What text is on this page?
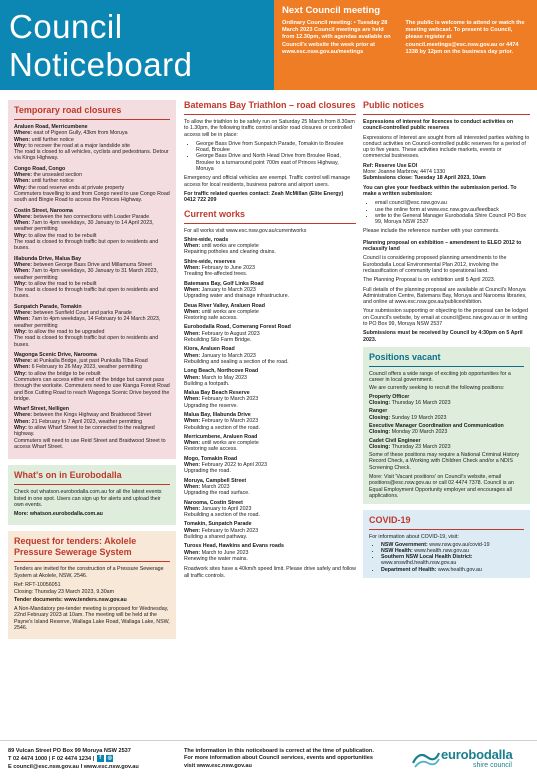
Council
Noticeboard
Next Council meeting
Ordinary Council meeting: • Tuesday 28 March 2023 Council meetings are held from 12.30pm, with agendas available on Council's website the week prior at www.esc.nsw.gov.au/meetings
The public is welcome to attend or watch the meeting webcast. To present to Council, please register at council.meetings@esc.nsw.gov.au or 4474 1338 by 12pm on the business day prior.
Temporary road closures
Araluen Road, Merricumbene
Where: east of Pigeon Gully, 43km from Moruya
When: until further notice
Why: to recover the road at a major landslide site
The road is closed to all vehicles, cyclists and pedestrians. Detour via Kings Highway.
Congo Road, Congo
Where: the unsealed section
When: until further notice
Why: the road reserve ends at private property
Commuters travelling to and from Congo need to use Congo Road south and Bingie Road to access the Princes Highway.
Costin Street, Narooma
Where: between the two connections with Loader Parade
When: 7am to 4pm weekdays, 30 January to 14 April 2023, weather permitting
Why: to allow the road to be rebuilt
The road is closed to through traffic but open to residents and buses.
Illabunda Drive, Malua Bay
Where: between George Bass Drive and Millamurra Street
When: 7am to 4pm weekdays, 30 January to 31 March 2023, weather permitting
Why: to allow the road to be rebuilt
The road is closed to through traffic but open to residents and buses.
Sunpatch Parade, Tomakin
Where: between Sunfield Court and parks Parade
When: 7am to 4pm weekdays, 14 February to 24 March 2023, weather permitting
Why: to allow the road to be upgraded
The road is closed to through traffic but open to residents and buses.
Wagonga Scenic Drive, Narooma
Where: at Punkalla Bridge, just past Punkalla Tilba Road
When: 6 February to 26 May 2023, weather permitting
Why: to allow the bridge to be rebuilt
Commuters can access either end of the bridge but cannot pass through the worksite. Commuters need to use Kianga Forest Road and Box Cutting Road to reach Wagonga Scenic Drive beyond the bridge.
Wharf Street, Nelligen
Where: between the Kings Highway and Braidwood Street
When: 21 February to 7 April 2023, weather permitting
Why: to allow Wharf Street to be connected to the realigned highway.
Commuters will need to use Reid Street and Braidwood Street to access Wharf Street.
What's on in Eurobodalla

Check out whatson.eurobodalla.com.au for all the latest events listed in one spot. Users can sign up for alerts and upload their own events.

More: whatson.eurobodalla.com.au

Request for tenders: Akolele Pressure Sewerage System

Tenders are invited for the construction of a Pressure Sewerage System at Akolele, NSW, 2546.

Ref: RFT-10056051

Closing: Thursday 23 March 2023, 9.30am

Tender documents: www.tenders.nsw.gov.au

A Non-Mandatory pre-tender meeting is proposed for Wednesday, 22nd February 2023 at 10am. The meeting will be held at the Payne's Island Reserve, Wallaga Lake Road, Wallaga Lake, NSW, 2546.

Batemans Bay Triathlon – road closures

To allow the triathlon to be safely run on Saturday 25 March from 8.30am to 1.30pm, the following traffic control and/or road closures or controlled access will be in place:

• George Bass Drive from Sunpatch Parade, Tomakin to Broulee Road, Broulee
• George Bass Drive and North Head Drive from Broulee Road, Broulee to a turnaround point 700m east of Princes Highway, Moruya

Emergency and official vehicles are exempt. Traffic control will manage access for local residents, business patrons and airport users.

For traffic related queries contact: Zeah McMillan (Elite Energy) 0412 722 209

Current works

For all works visit www.esc.nsw.gov.au/currentworks

Shire-wide, roads
When: until works are complete
Repairing potholes and clearing drains.
Shire-wide, reserves
When: February to June 2023
Treating fire-affected trees.
Batemans Bay, Golf Links Road
When: January to March 2023
Upgrading water and drainage infrastructure.
Deua River Valley, Araluen Road
When: until works are complete
Restoring safe access.
Eurobodalla Road, Comerang Forest Road
When: February to August 2023
Rebuilding Silo Farm Bridge.
Kiora, Araluen Road
When: January to March 2023
Rebuilding and sealing a section of the road.
Long Beach, Northcove Road
When: March to May 2023
Building a footpath.
Malua Bay Beach Reserve
When: February to March 2023
Upgrading the reserve.
Malua Bay, Illabunda Drive
When: February to March 2023
Rebuilding a section of the road.
Merricumbene, Araluen Road
When: until works are complete
Restoring safe access.
Mogo, Tomakin Road
When: February 2022 to April 2023
Upgrading the road.
Moruya, Campbell Street
When: March 2023
Upgrading the road surface.
Narooma, Costin Street
When: January to April 2023
Rebuilding a section of the road.
Tomakin, Sunpatch Parade
When: February to March 2023
Building a shared pathway.
Tuross Head, Hawkins and Evans roads
When: March to June 2023
Renewing the water mains.

Roadwork sites have a 40km/h speed limit. Please drive safely and follow all traffic controls.

Public notices

Expressions of interest for licences to conduct activities on council-controlled public reserves

Expressions of Interest are sought from all interested parties wishing to conduct activities on Council-controlled public reserves for a period of up to five years. These activities include markets, events or commercial businesses.

Ref: Reserve Use EOI

More: Joanne Marbrow, 4474 1330

Submissions close: Tuesday 18 April 2023, 10am

You can give your feedback within the submission period. To make a written submission:

• email council@esc.nsw.gov.au
• use the online form at www.esc.nsw.gov.au/feedback
• write to the General Manager Eurobodalla Shire Council PO Box 99, Moruya NSW 2537

Please include the reference number with your comments.

Planning proposal on exhibition – amendment to ELEO 2012 to reclassify land

Council is considering proposed planning amendments to the Eurobodalla Local Environmental Plan 2012, involving the reclassification of community land to operational land.

The Planning Proposal is on exhibition until 5 April 2023.

Full details of the planning proposal are available at Council's Moruya Administration Centre, Batemans Bay, Moruya and Narooma libraries, and online at www.esc.nsw.gov.au/publicexhibition.

Your submission supporting or objecting to the proposal can be lodged on Council's website, by email at council@esc.nsw.gov.au or in writing to PO Box 99, Moruya NSW 2537

Submissions must be received by Council by 4:30pm on 5 April 2023.

Positions vacant

Council offers a wide range of exciting job opportunities for a career in local government.

We are currently seeking to recruit the following positions:

Property Officer
Closing: Thursday 16 March 2023
Ranger
Closing: Sunday 19 March 2023
Executive Manager Coordination and Communication
Closing: Monday 20 March 2023
Cadet Civil Engineer
Closing: Thursday 23 March 2023

Some of these positions may require a National Criminal History Record Check, a Working with Children Check and/or a NDIS Screening Check.

More: Visit 'Vacant positions' on Council's website, email positions@esc.nsw.gov.au or call 02 4474 7378. Council is an Equal Employment Opportunity employer and encourages all applications.

COVID-19

For information about COVID-19, visit:

• NSW Government: www.nsw.gov.au/covid-19
• NSW Health: www.health.nsw.gov.au
• Southern NSW Local Health District: www.snswlhd.health.nsw.gov.au
• Department of Health: www.health.gov.au
89 Vulcan Street PO Box 99 Moruya NSW 2537
T 02 4474 1000 | F 02 4474 1234 | f ◎
E council@esc.nsw.gov.au I www.esc.nsw.gov.au
The information in this noticeboard is correct at the time of publication. For more information about Council services, events and opportunities visit www.esc.nsw.gov.au
eurobodalla
shire council
